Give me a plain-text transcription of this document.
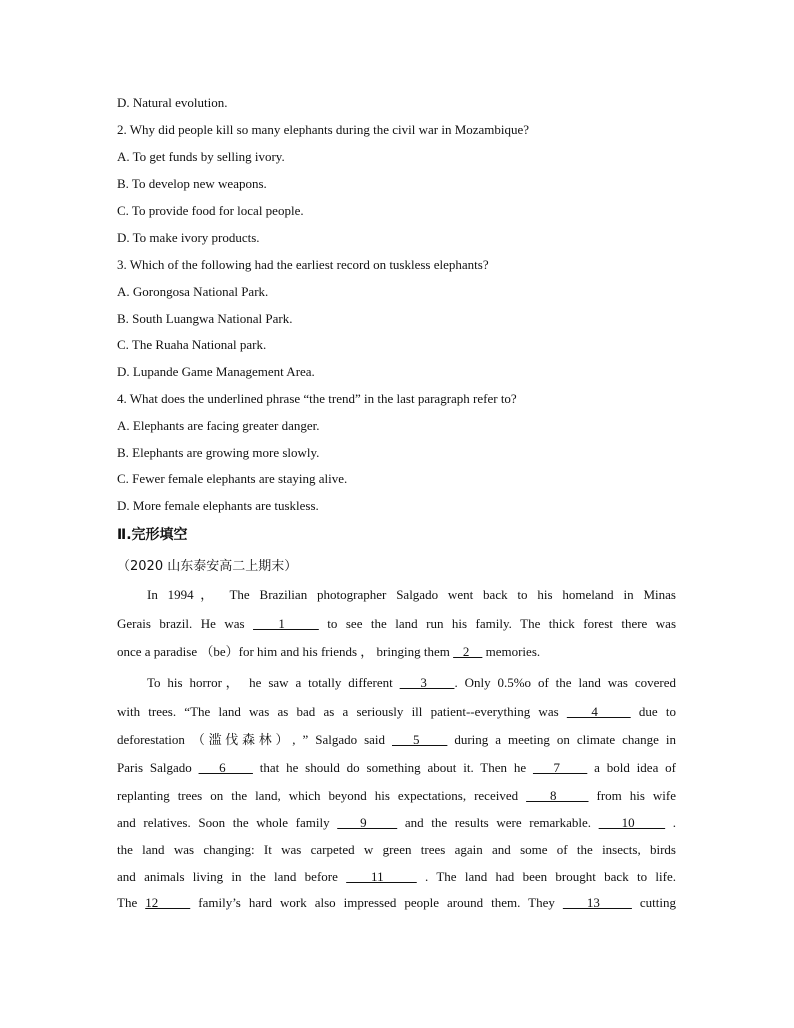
D. Natural evolution.
2. Why did people kill so many elephants during the civil war in Mozambique?
A. To get funds by selling ivory.
B. To develop new weapons.
C. To provide food for local people.
D. To make ivory products.
3. Which of the following had the earliest record on tuskless elephants?
A. Gorongosa National Park.
B. South Luangwa National Park.
C. The Ruaha National park.
D. Lupande Game Management Area.
4. What does the underlined phrase “the trend” in the last paragraph refer to?
A. Elephants are facing greater danger.
B. Elephants are growing more slowly.
C. Fewer female elephants are staying alive.
D. More female elephants are tuskless.
Ⅱ.完形填空
（2020 山东泰安高二上期末）
In 1994， The Brazilian photographer Salgado went back to his homeland in Minas
Gerais brazil. He was    1     to see the land run his family. The thick forest there was
once a paradise （be）for him and his friends ， bringing them    2     memories.
To his horror， he saw a totally different    3    . Only 0.5%o of the land was covered
with trees. “The land was as bad as a seriously ill patient--everything was    4     due to
deforestation （滥伐森林）, ” Salgado said    5     during a meeting on climate change in
Paris Salgado    6     that he should do something about it. Then he    7     a bold idea of
replanting trees on the land, which beyond his expectations, received    8     from his wife
and relatives. Soon the whole family    9     and the results were remarkable.    10     .
the land was changing: It was carpeted w green trees again and some of the insects, birds
and animals living in the land before    11     . The land had been brought back to life.
The 12     family’s hard work also impressed people around them. They    13     cutting
